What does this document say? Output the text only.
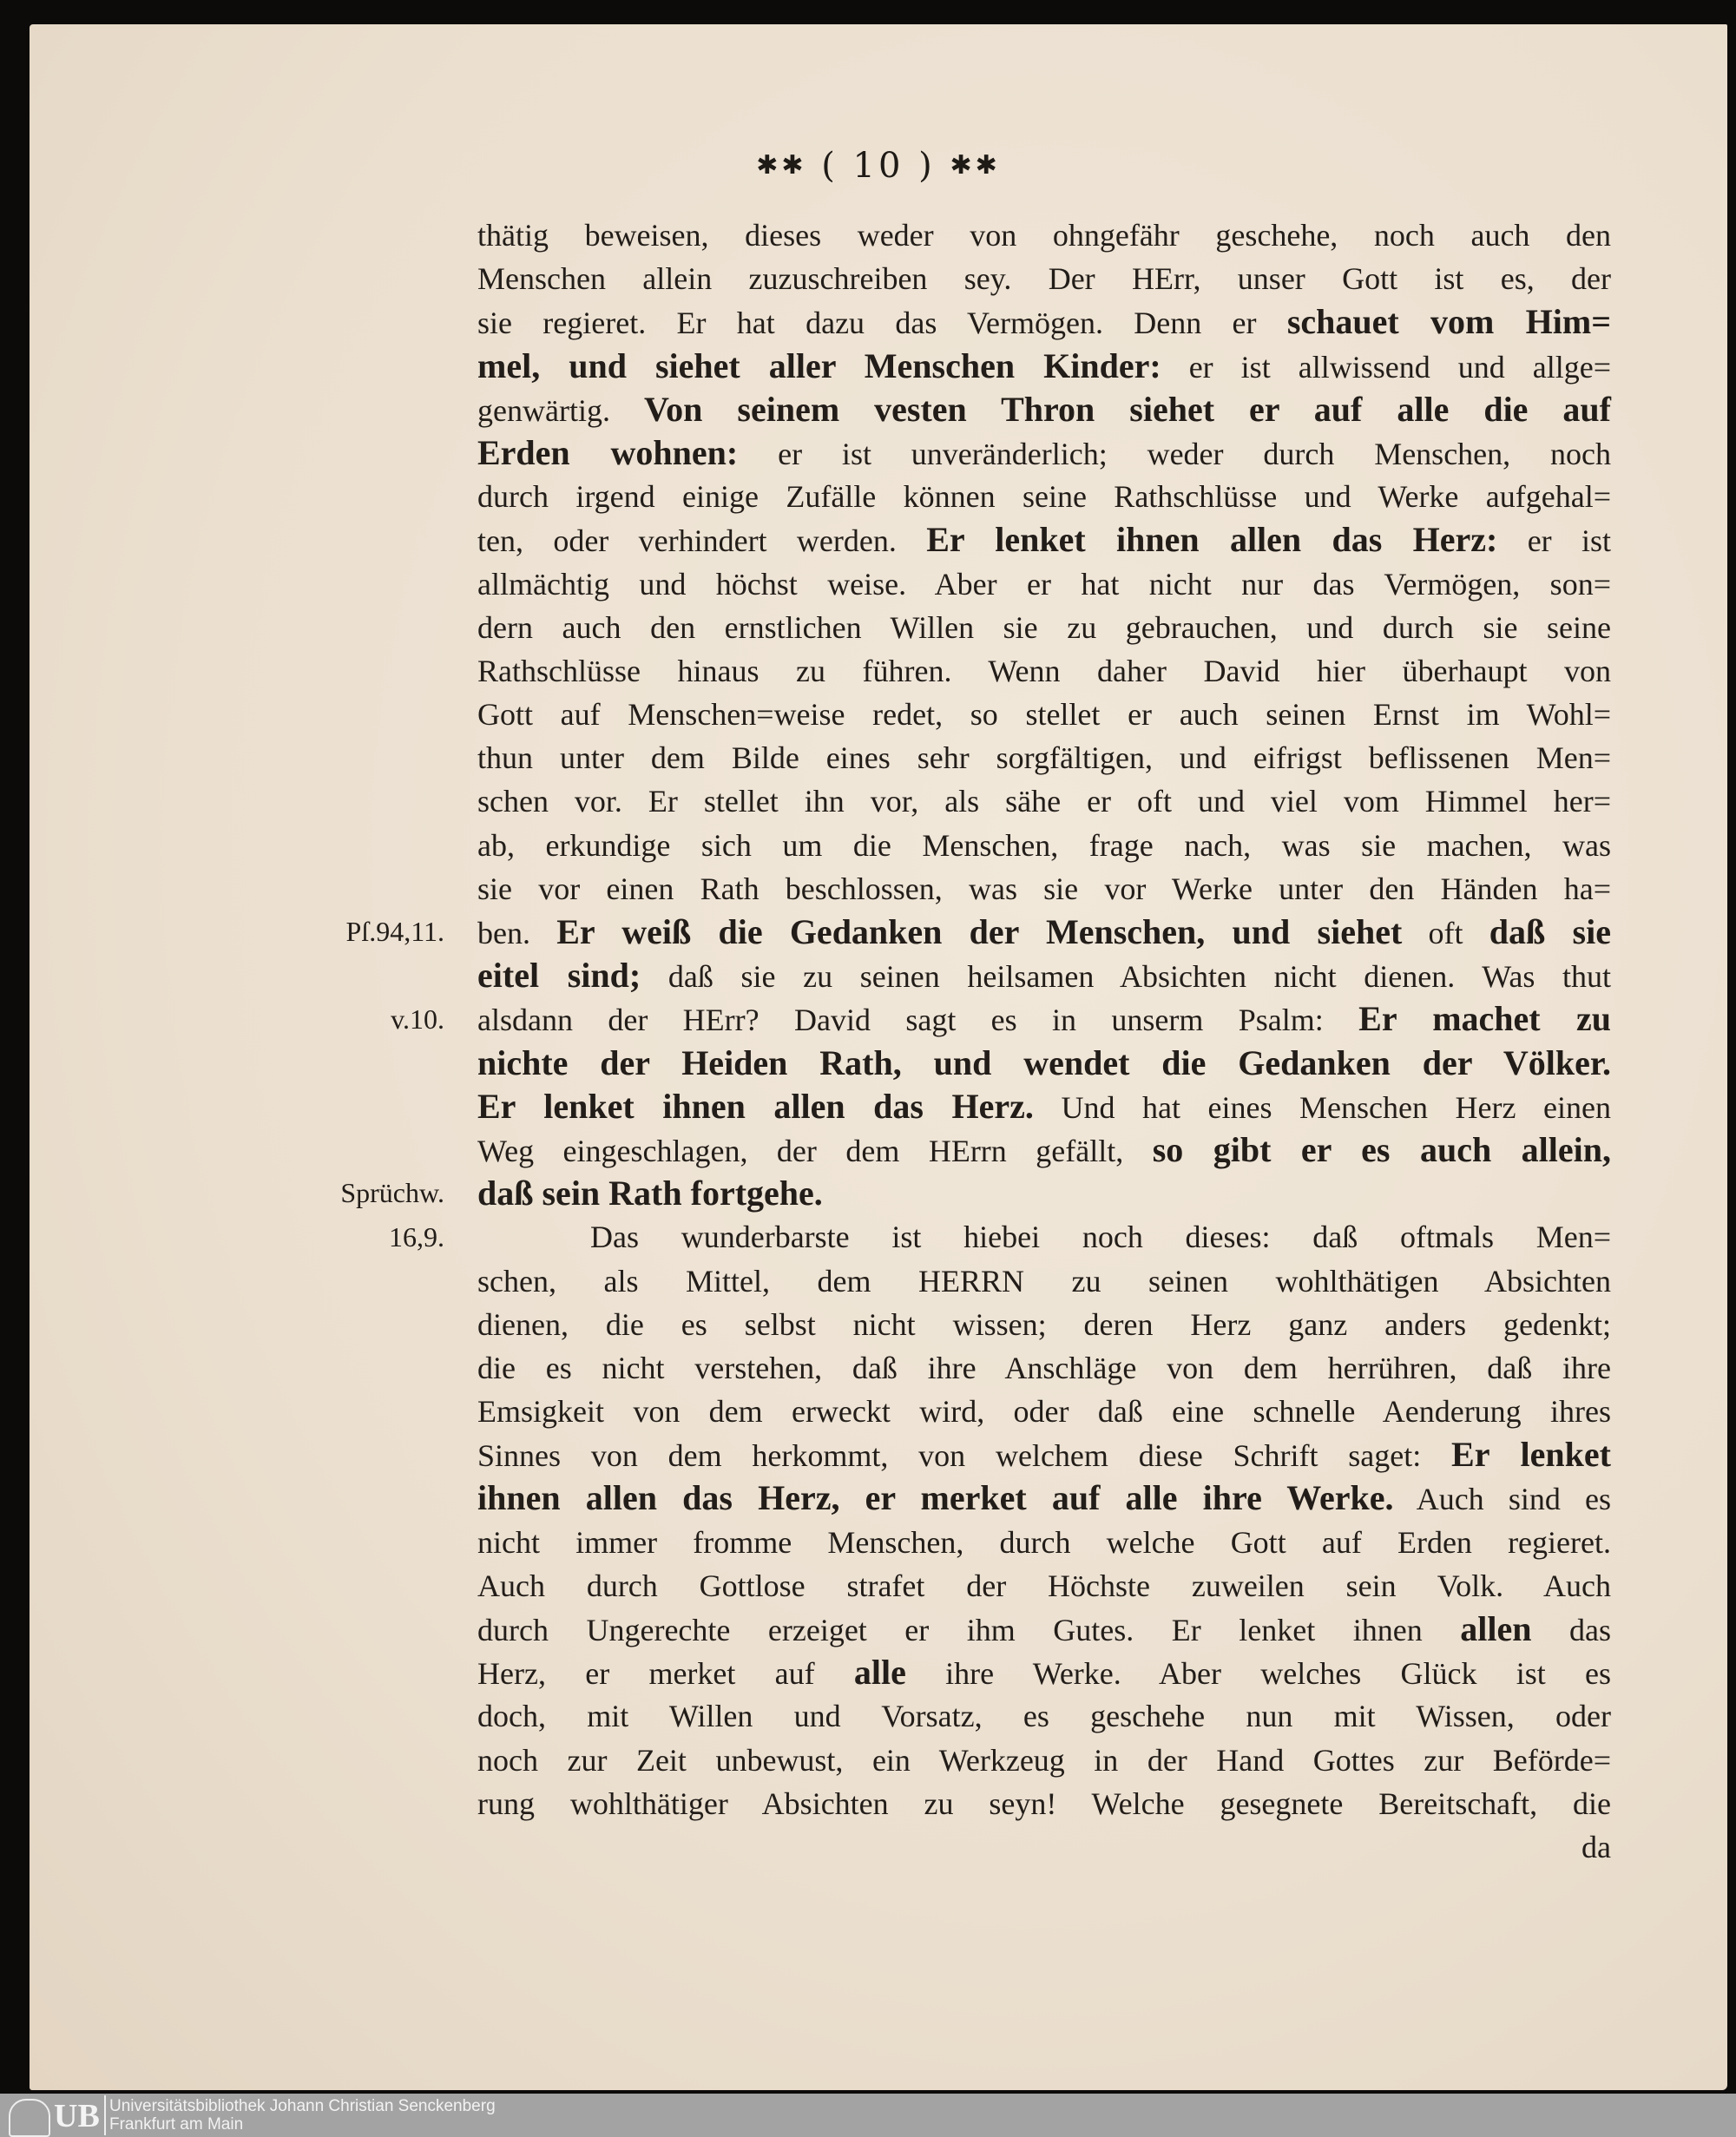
✱✱ ( 10 ) ✱✱
thätig beweisen, dieses weder von ohngefähr geschehe, noch auch den
Menschen allein zuzuschreiben sey. Der HErr, unser Gott ist es, der
sie regieret. Er hat dazu das Vermögen. Denn er schauet vom Him=
mel, und siehet aller Menschen Kinder: er ist allwissend und allge=
genwärtig. Von seinem vesten Thron siehet er auf alle die auf
Erden wohnen: er ist unveränderlich; weder durch Menschen, noch
durch irgend einige Zufälle können seine Rathschlüsse und Werke aufgehal=
ten, oder verhindert werden. Er lenket ihnen allen das Herz: er ist
allmächtig und höchst weise. Aber er hat nicht nur das Vermögen, son=
dern auch den ernstlichen Willen sie zu gebrauchen, und durch sie seine
Rathschlüsse hinaus zu führen. Wenn daher David hier überhaupt von
Gott auf Menschen=weise redet, so stellet er auch seinen Ernst im Wohl=
thun unter dem Bilde eines sehr sorgfältigen, und eifrigst beflissenen Men=
schen vor. Er stellet ihn vor, als sähe er oft und viel vom Himmel her=
ab, erkundige sich um die Menschen, frage nach, was sie machen, was
sie vor einen Rath beschlossen, was sie vor Werke unter den Händen ha=
ben. Er weiß die Gedanken der Menschen, und siehet oft daß sie
eitel sind; daß sie zu seinen heilsamen Absichten nicht dienen. Was thut
alsdann der HErr? David sagt es in unserm Psalm: Er machet zu
nichte der Heiden Rath, und wendet die Gedanken der Völker.
Er lenket ihnen allen das Herz. Und hat eines Menschen Herz einen
Weg eingeschlagen, der dem HErrn gefällt, so gibt er es auch allein,
daß sein Rath fortgehe.
Das wunderbarste ist hiebei noch dieses: daß oftmals Men=
schen, als Mittel, dem HERRN zu seinen wohlthätigen Absichten
dienen, die es selbst nicht wissen; deren Herz ganz anders gedenkt;
die es nicht verstehen, daß ihre Anschläge von dem herrühren, daß ihre
Emsigkeit von dem erweckt wird, oder daß eine schnelle Aenderung ihres
Sinnes von dem herkommt, von welchem diese Schrift saget: Er lenket
ihnen allen das Herz, er merket auf alle ihre Werke. Auch sind es
nicht immer fromme Menschen, durch welche Gott auf Erden regieret.
Auch durch Gottlose strafet der Höchste zuweilen sein Volk. Auch
durch Ungerechte erzeiget er ihm Gutes. Er lenket ihnen allen das
Herz, er merket auf alle ihre Werke. Aber welches Glück ist es
doch, mit Willen und Vorsatz, es geschehe nun mit Wissen, oder
noch zur Zeit unbewust, ein Werkzeug in der Hand Gottes zur Beförde=
rung wohlthätiger Absichten zu seyn! Welche gesegnete Bereitschaft, die
da
Pſ.94,11.
v.10.
Sprüchw.
16,9.
UB Universitätsbibliothek Johann Christian Senckenberg
Frankfurt am Main
